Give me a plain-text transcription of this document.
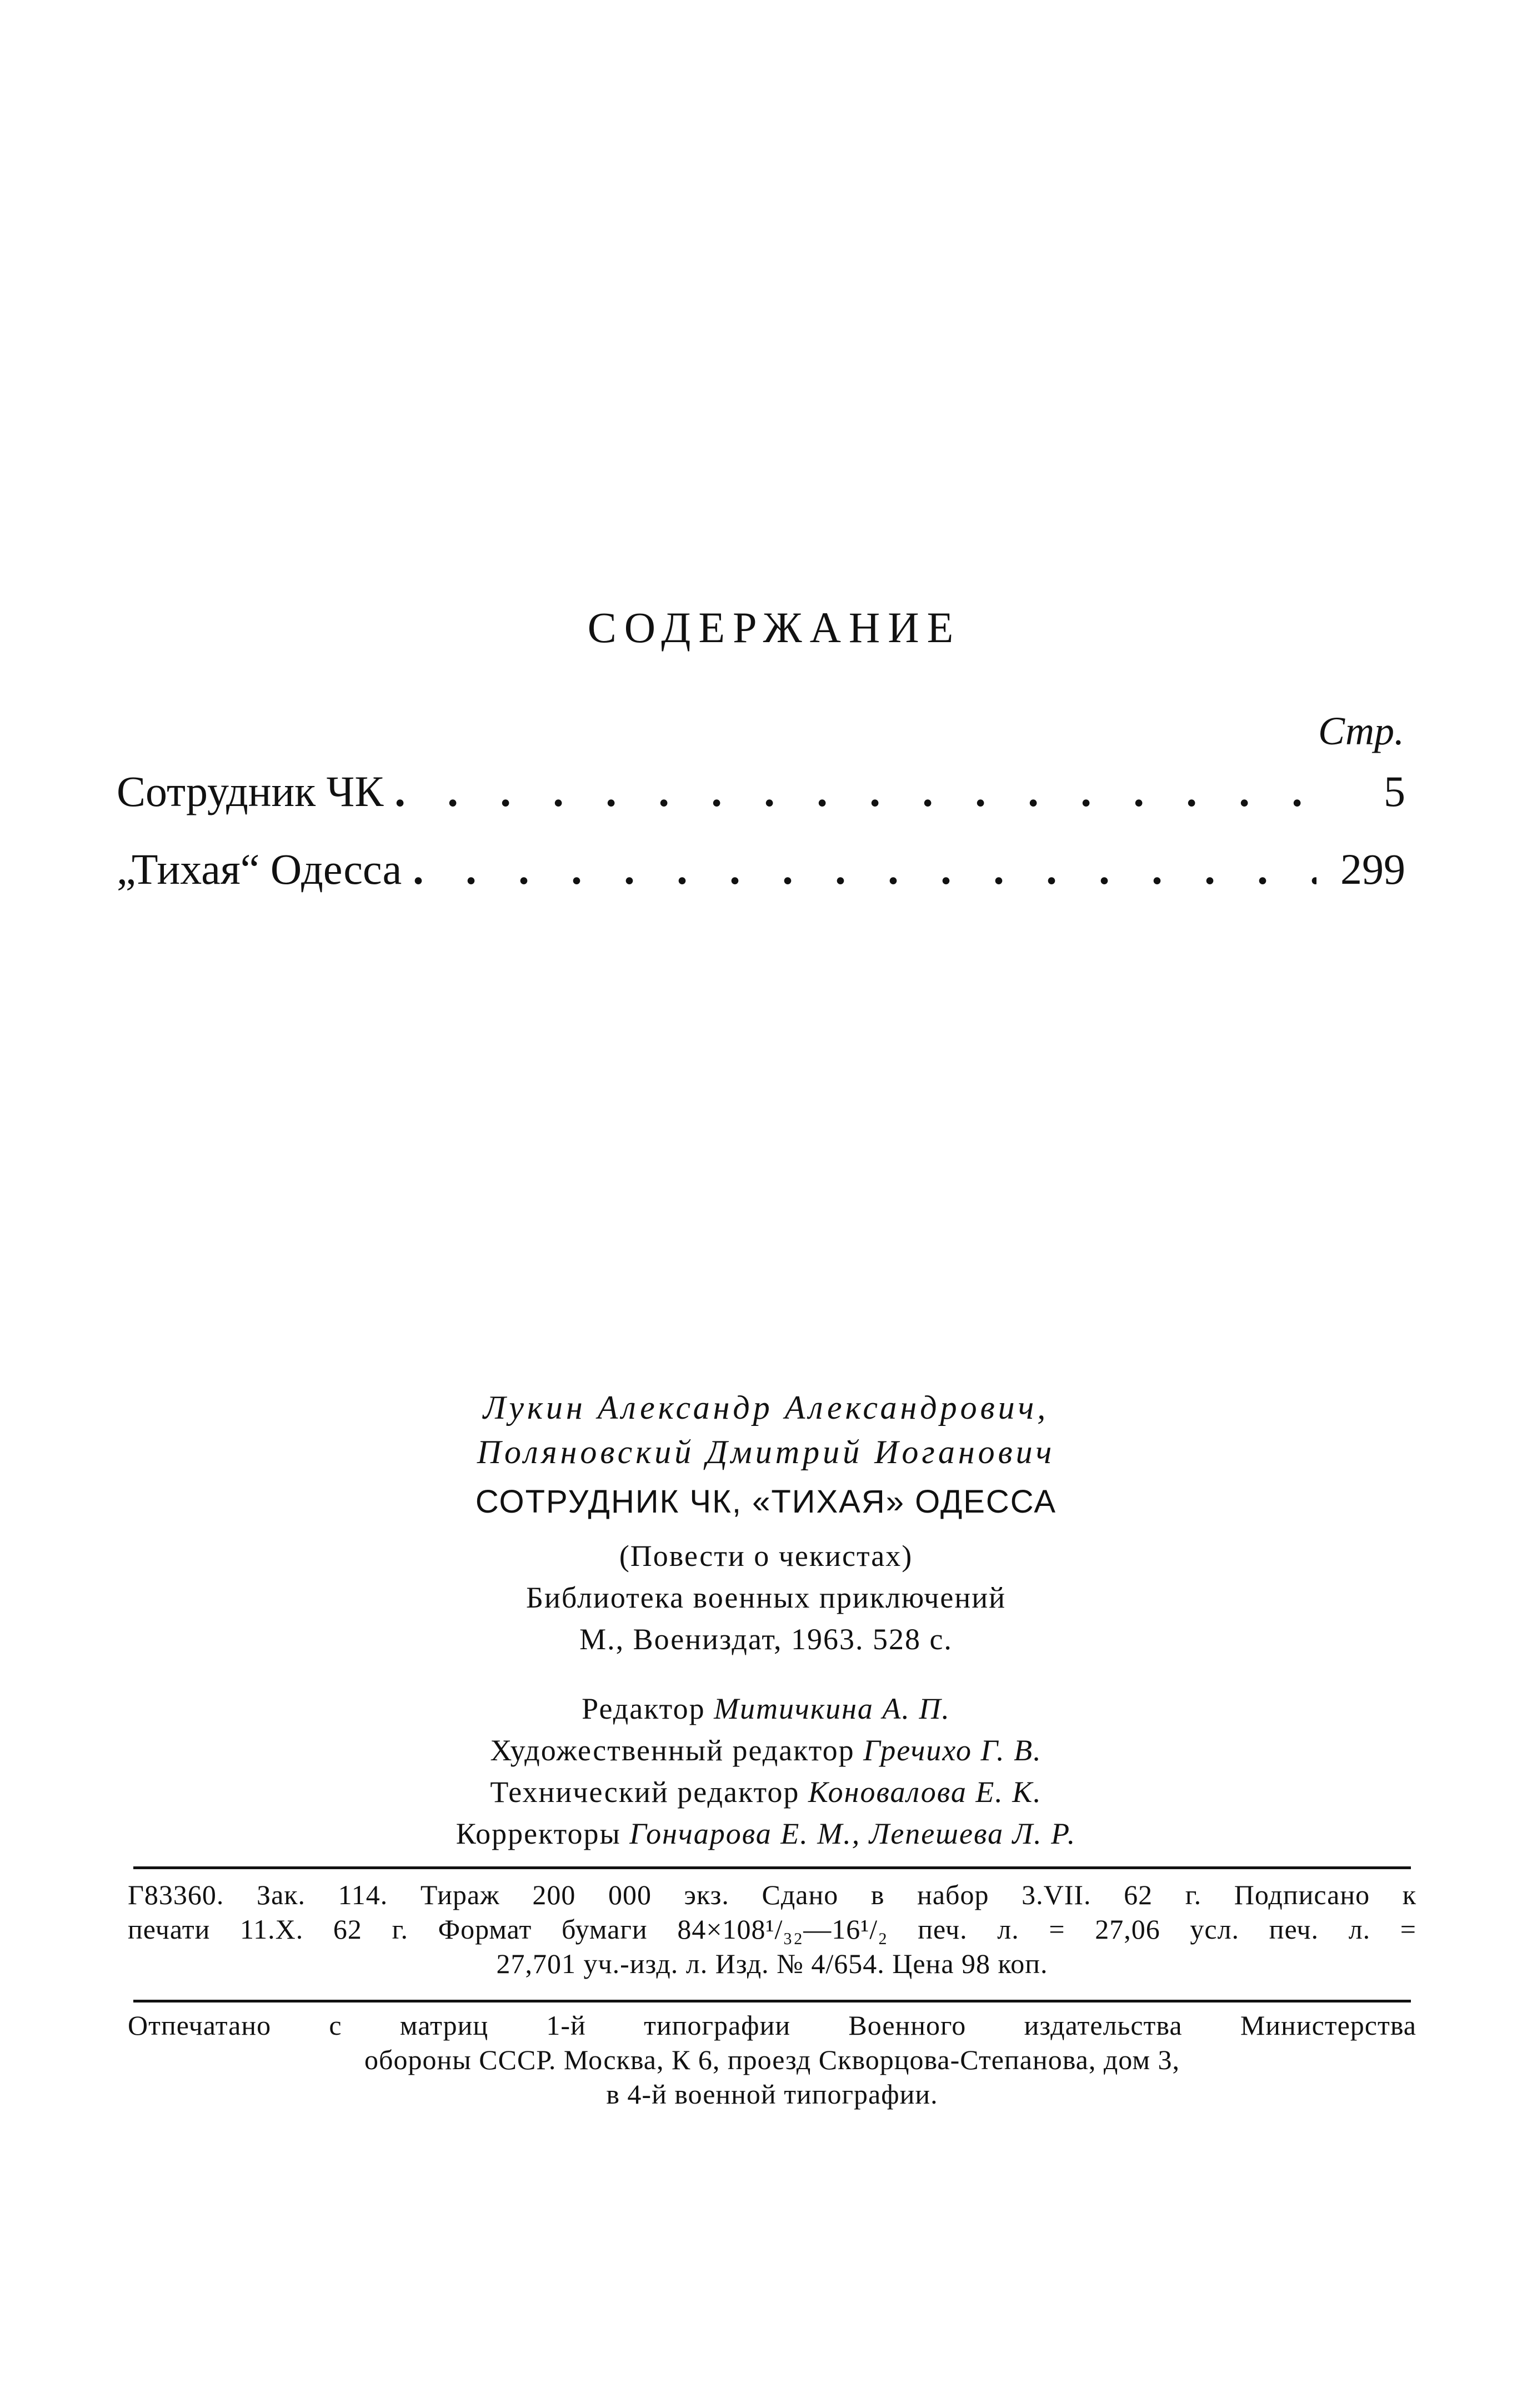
СОДЕРЖАНИЕ
Стр.
Сотрудник ЧК . . .	5
„Тихая“ Одесса . . .	299
Лукин Александр Александрович,
Поляновский Дмитрий Иоганович
СОТРУДНИК ЧК, «ТИХАЯ» ОДЕССА
(Повести о чекистах)
Библиотека военных приключений
М., Воениздат, 1963. 528 с.
Редактор Митичкина А. П.
Художественный редактор Гречихо Г. В.
Технический редактор Коновалова Е. К.
Корректоры Гончарова Е. М., Лепешева Л. Р.
Г83360. Зак. 114. Тираж 200 000 экз. Сдано в набор 3.VII. 62 г. Подписано к
печати 11.X. 62 г. Формат бумаги 84×108¹/₃₂—16¹/₂ печ. л. = 27,06 усл. печ. л. =
27,701 уч.-изд. л. Изд. № 4/654. Цена 98 коп.
Отпечатано с матриц 1-й типографии Военного издательства Министерства
обороны СССР. Москва, К 6, проезд Скворцова-Степанова, дом 3,
в 4-й военной типографии.
